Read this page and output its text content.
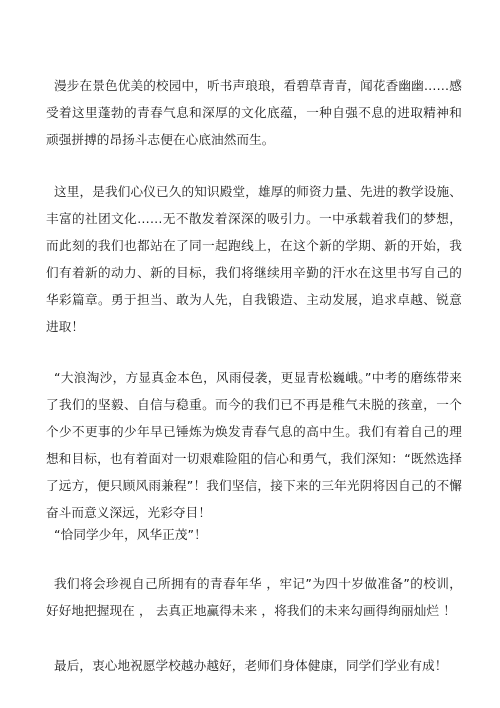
漫步在景色优美的校园中，听书声琅琅，看碧草青青，闻花香幽幽……感受着这里蓬勃的青春气息和深厚的文化底蕴，一种自强不息的进取精神和顽强拼搏的昂扬斗志便在心底油然而生。

这里，是我们心仪已久的知识殿堂，雄厚的师资力量、先进的教学设施、丰富的社团文化……无不散发着深深的吸引力。一中承载着我们的梦想，而此刻的我们也都站在了同一起跑线上，在这个新的学期、新的开始，我们有着新的动力、新的目标，我们将继续用辛勤的汗水在这里书写自己的华彩篇章。勇于担当、敢为人先，自我锻造、主动发展，追求卓越、锐意进取！

“大浪淘沙，方显真金本色，风雨侵袭，更显青松巍峨。”中考的磨练带来了我们的坚毅、自信与稳重。而今的我们已不再是稚气未脱的孩童，一个个少不更事的少年早已锤炼为焕发青春气息的高中生。我们有着自己的理想和目标，也有着面对一切艰难险阻的信心和勇气，我们深知：“既然选择了远方，便只顾风雨兼程”！我们坚信，接下来的三年光阴将因自己的不懈奋斗而意义深远，光彩夺目！

“恰同学少年，风华正茂”！

我们将会珍视自己所拥有的青春年华 ，牢记”为四十岁做准备”的校训，好好地把握现在 ， 去真正地赢得未来 ，将我们的未来勾画得绚丽灿烂 ！

最后，衷心地祝愿学校越办越好，老师们身体健康，同学们学业有成！
